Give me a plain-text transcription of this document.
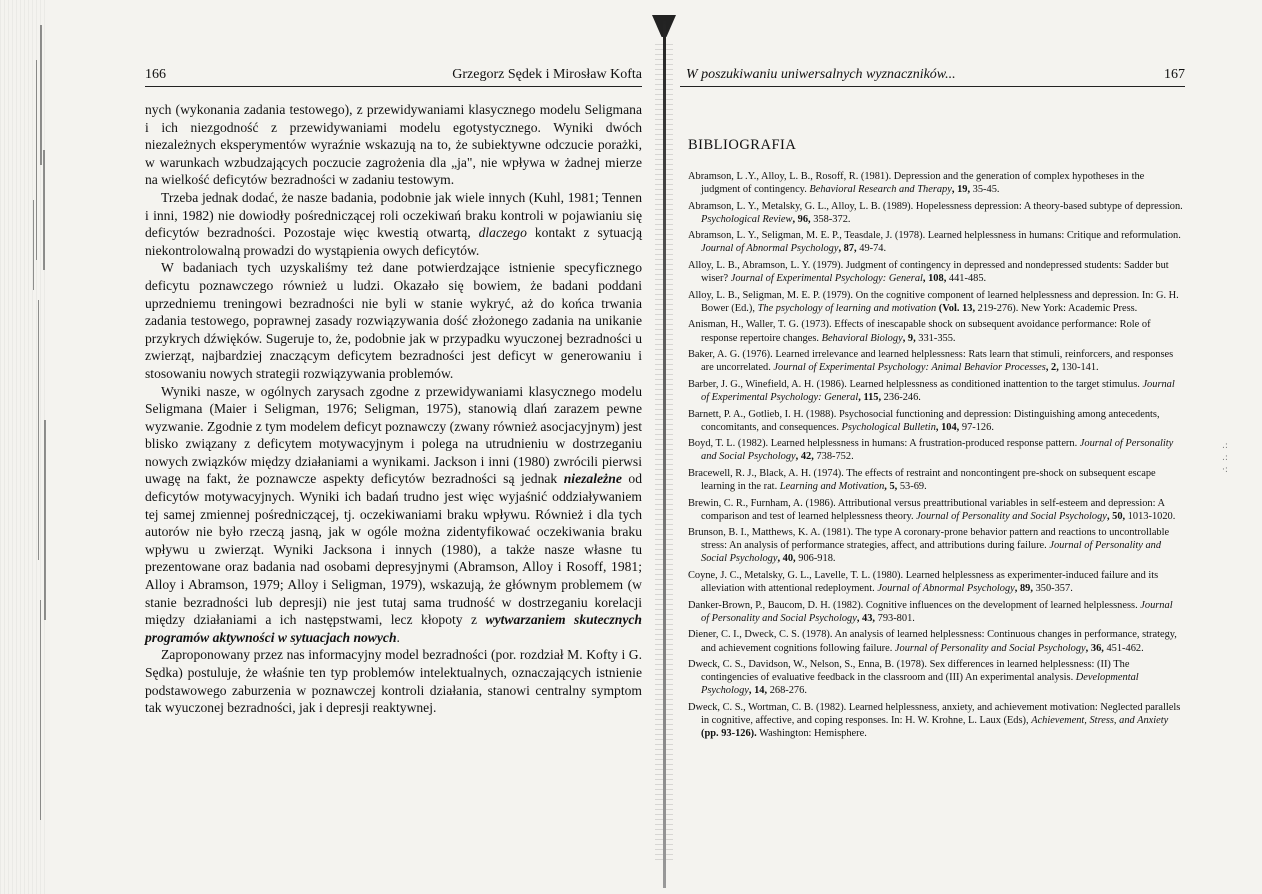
166	Grzegorz Sędek i Mirosław Kofta

nych (wykonania zadania testowego), z przewidywaniami klasycznego modelu Seligmana i ich niezgodność z przewidywaniami modelu egotystycznego. Wyniki dwóch niezależnych eksperymentów wyraźnie wskazują na to, że subiektywne odczucie porażki, w warunkach wzbudzających poczucie zagrożenia dla „ja", nie wpływa w żadnej mierze na wielkość deficytów bezradności w zadaniu testowym.

Trzeba jednak dodać, że nasze badania, podobnie jak wiele innych (Kuhl, 1981; Tennen i inni, 1982) nie dowiodły pośredniczącej roli oczekiwań braku kontroli w pojawianiu się deficytów bezradności. Pozostaje więc kwestią otwartą, dlaczego kontakt z sytuacją niekontrolowalną prowadzi do wystąpienia owych deficytów.

W badaniach tych uzyskaliśmy też dane potwierdzające istnienie specyficznego deficytu poznawczego również u ludzi. Okazało się bowiem, że badani poddani uprzedniemu treningowi bezradności nie byli w stanie wykryć, aż do końca trwania zadania testowego, poprawnej zasady rozwiązywania dość złożonego zadania na unikanie przykrych dźwięków. Sugeruje to, że, podobnie jak w przypadku wyuczonej bezradności u zwierząt, najbardziej znaczącym deficytem bezradności jest deficyt w generowaniu i stosowaniu nowych strategii rozwiązywania problemów.

Wyniki nasze, w ogólnych zarysach zgodne z przewidywaniami klasycznego modelu Seligmana (Maier i Seligman, 1976; Seligman, 1975), stanowią dlań zarazem pewne wyzwanie. Zgodnie z tym modelem deficyt poznawczy (zwany również asocjacyjnym) jest blisko związany z deficytem motywacyjnym i polega na utrudnieniu w dostrzeganiu nowych związków między działaniami a wynikami. Jackson i inni (1980) zwrócili pierwsi uwagę na fakt, że poznawcze aspekty deficytów bezradności są jednak niezależne od deficytów motywacyjnych. Wyniki ich badań trudno jest więc wyjaśnić oddziaływaniem tej samej zmiennej pośredniczącej, tj. oczekiwaniami braku wpływu. Również i dla tych autorów nie było rzeczą jasną, jak w ogóle można zidentyfikować oczekiwania braku wpływu u zwierząt. Wyniki Jacksona i innych (1980), a także nasze własne tu prezentowane oraz badania nad osobami depresyjnymi (Abramson, Alloy i Rosoff, 1981; Alloy i Abramson, 1979; Alloy i Seligman, 1979), wskazują, że głównym problemem (w stanie bezradności lub depresji) nie jest tutaj sama trudność w dostrzeganiu korelacji między działaniami a ich następstwami, lecz kłopoty z wytwarzaniem skutecznych programów aktywności w sytuacjach nowych.

Zaproponowany przez nas informacyjny model bezradności (por. rozdział M. Kofty i G. Sędka) postuluje, że właśnie ten typ problemów intelektualnych, oznaczających istnienie podstawowego zaburzenia w poznawczej kontroli działania, stanowi centralny symptom tak wyuczonej bezradności, jak i depresji reaktywnej.

W poszukiwaniu uniwersalnych wyznaczników...	167
BIBLIOGRAFIA

Abramson, L .Y., Alloy, L. B., Rosoff, R. (1981). Depression and the generation of complex hypotheses in the judgment of contingency. Behavioral Research and Therapy, 19, 35-45.

Abramson, L. Y., Metalsky, G. L., Alloy, L. B. (1989). Hopelessness depression: A theory-based subtype of depression. Psychological Review, 96, 358-372.

Abramson, L. Y., Seligman, M. E. P., Teasdale, J. (1978). Learned helplessness in humans: Critique and reformulation. Journal of Abnormal Psychology, 87, 49-74.

Alloy, L. B., Abramson, L. Y. (1979). Judgment of contingency in depressed and nondepressed students: Sadder but wiser? Journal of Experimental Psychology: General, 108, 441-485.

Alloy, L. B., Seligman, M. E. P. (1979). On the cognitive component of learned helplessness and depression. In: G. H. Bower (Ed.), The psychology of learning and motivation (Vol. 13, 219-276). New York: Academic Press.

Anisman, H., Waller, T. G. (1973). Effects of inescapable shock on subsequent avoidance performance: Role of response repertoire changes. Behavioral Biology, 9, 331-355.

Baker, A. G. (1976). Learned irrelevance and learned helplessness: Rats learn that stimuli, reinforcers, and responses are uncorrelated. Journal of Experimental Psychology: Animal Behavior Processes, 2, 130-141.

Barber, J. G., Winefield, A. H. (1986). Learned helplessness as conditioned inattention to the target stimulus. Journal of Experimental Psychology: General, 115, 236-246.

Barnett, P. A., Gotlieb, I. H. (1988). Psychosocial functioning and depression: Distinguishing among antecedents, concomitants, and consequences. Psychological Bulletin, 104, 97-126.

Boyd, T. L. (1982). Learned helplessness in humans: A frustration-produced response pattern. Journal of Personality and Social Psychology, 42, 738-752.

Bracewell, R. J., Black, A. H. (1974). The effects of restraint and noncontingent pre-shock on subsequent escape learning in the rat. Learning and Motivation, 5, 53-69.

Brewin, C. R., Furnham, A. (1986). Attributional versus preattributional variables in self-esteem and depression: A comparison and test of learned helplessness theory. Journal of Personality and Social Psychology, 50, 1013-1020.

Brunson, B. I., Matthews, K. A. (1981). The type A coronary-prone behavior pattern and reactions to uncontrollable stress: An analysis of performance strategies, affect, and attributions during failure. Journal of Personality and Social Psychology, 40, 906-918.

Coyne, J. C., Metalsky, G. L., Lavelle, T. L. (1980). Learned helplessness as experimenter-induced failure and its alleviation with attentional redeployment. Journal of Abnormal Psychology, 89, 350-357.

Danker-Brown, P., Baucom, D. H. (1982). Cognitive influences on the development of learned helplessness. Journal of Personality and Social Psychology, 43, 793-801.

Diener, C. I., Dweck, C. S. (1978). An analysis of learned helplessness: Continuous changes in performance, strategy, and achievement cognitions following failure. Journal of Personality and Social Psychology, 36, 451-462.

Dweck, C. S., Davidson, W., Nelson, S., Enna, B. (1978). Sex differences in learned helplessness: (II) The contingencies of evaluative feedback in the classroom and (III) An experimental analysis. Developmental Psychology, 14, 268-276.

Dweck, C. S., Wortman, C. B. (1982). Learned helplessness, anxiety, and achievement motivation: Neglected parallels in cognitive, affective, and coping responses. In: H. W. Krohne, L. Laux (Eds), Achievement, Stress, and Anxiety (pp. 93-126). Washington: Hemisphere.

.:
.:
·:
